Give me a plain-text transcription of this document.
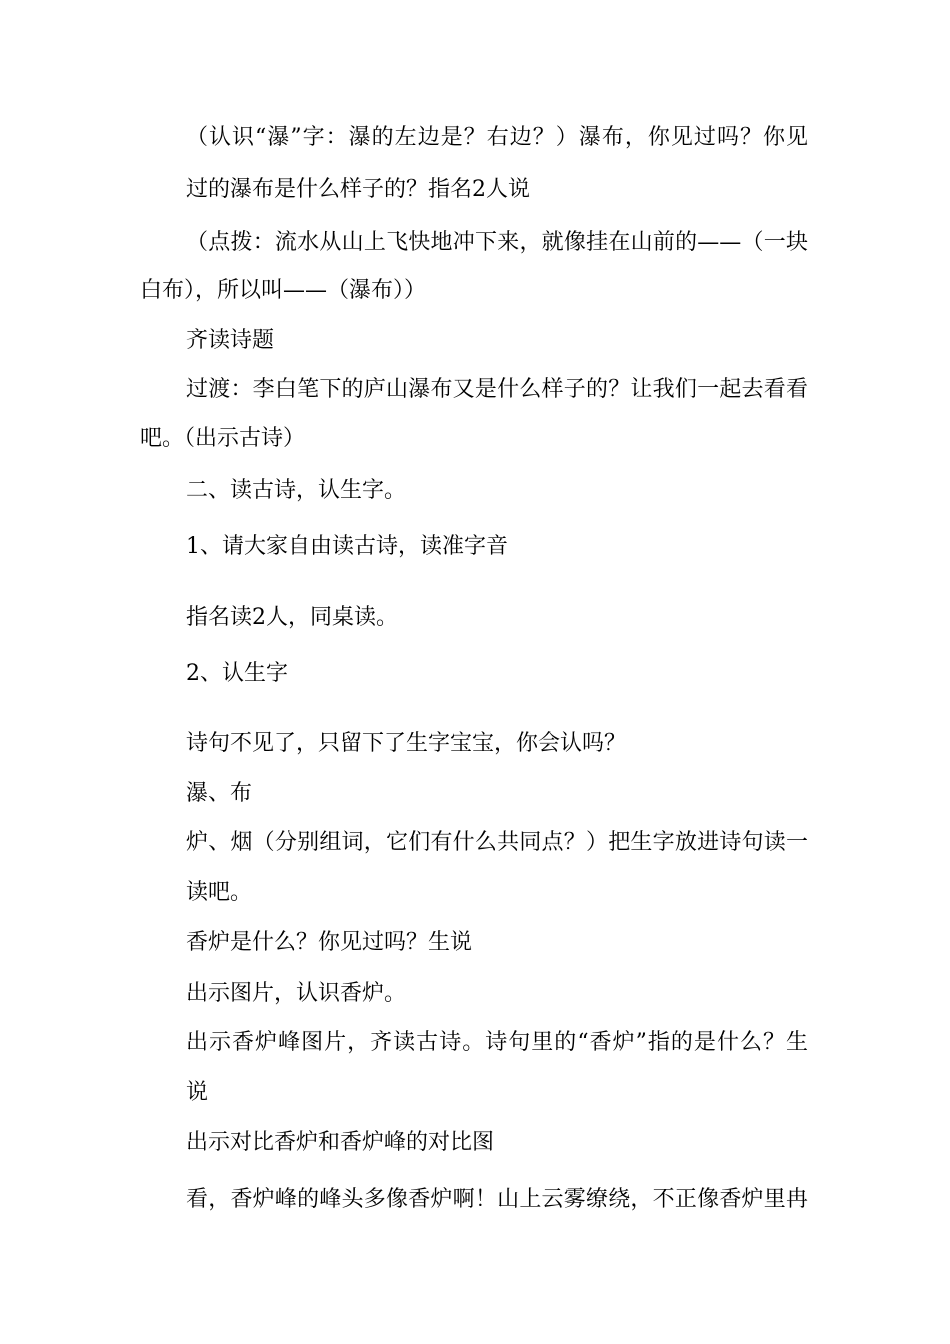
（认识“瀑”字：瀑的左边是？右边？）瀑布，你见过吗？你见
过的瀑布是什么样子的？指名2人说
（点拨：流水从山上飞快地冲下来，就像挂在山前的——（一块
白布），所以叫——（瀑布））
齐读诗题
过渡：李白笔下的庐山瀑布又是什么样子的？让我们一起去看看
吧。（出示古诗）
二、读古诗，认生字。
1、请大家自由读古诗，读准字音
指名读2人，同桌读。
2、认生字
诗句不见了，只留下了生字宝宝，你会认吗？
瀑、布
炉、烟（分别组词，它们有什么共同点？）把生字放进诗句读一
读吧。
香炉是什么？你见过吗？生说
出示图片，认识香炉。
出示香炉峰图片，齐读古诗。诗句里的“香炉”指的是什么？生
说
出示对比香炉和香炉峰的对比图
看，香炉峰的峰头多像香炉啊！山上云雾缭绕，不正像香炉里冉
